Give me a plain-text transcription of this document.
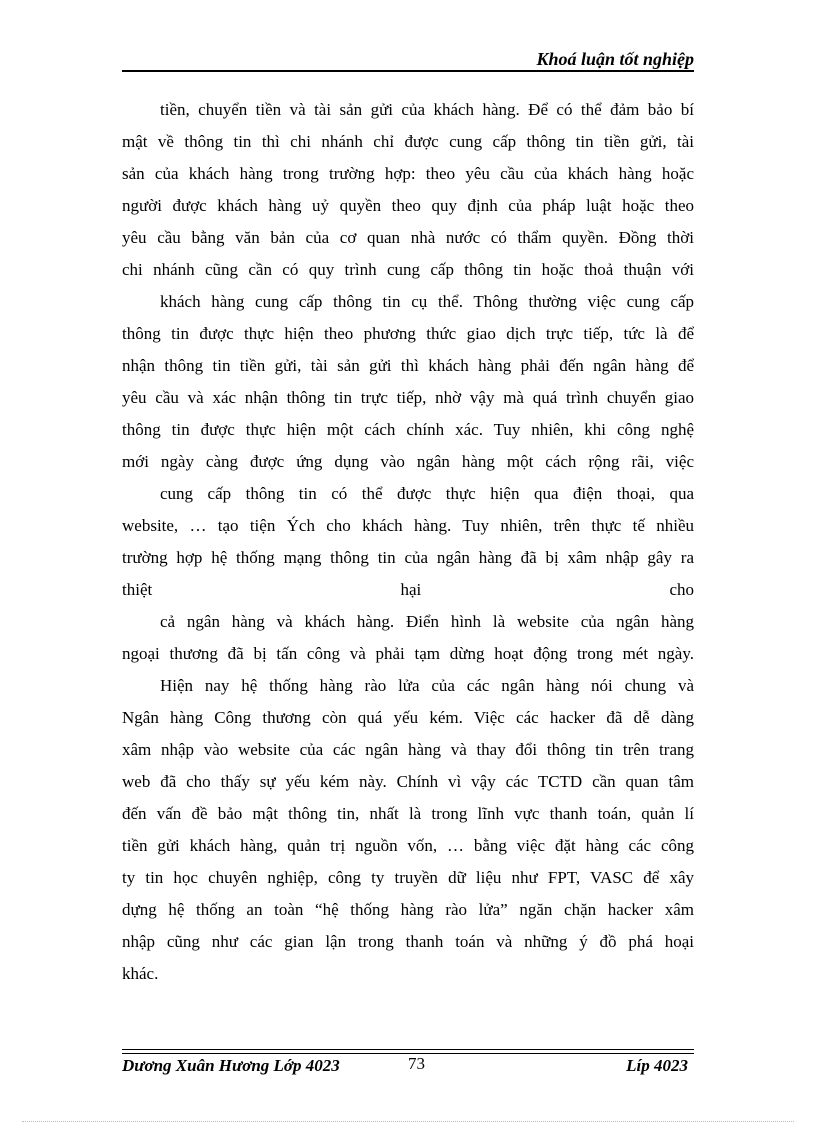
Khoá luận tốt nghiệp
tiền, chuyển tiền và tài sản gửi của khách hàng. Để có thể đảm bảo bí
mật về thông tin thì chi nhánh chỉ được cung cấp thông tin tiền gửi, tài
sản của khách hàng trong trường hợp: theo yêu cầu của khách hàng hoặc
người được khách hàng uỷ quyền theo quy định của pháp luật hoặc theo
yêu cầu bằng văn bản của cơ quan nhà nước có thẩm quyền. Đồng thời
chi nhánh cũng cần có quy trình cung cấp thông tin hoặc thoả thuận với
khách hàng cung cấp thông tin cụ thể. Thông thường việc cung cấp
thông tin được thực hiện theo phương thức giao dịch trực tiếp, tức là để
nhận thông tin tiền gửi, tài sản gửi thì khách hàng phải đến ngân hàng để
yêu cầu và xác nhận thông tin trực tiếp, nhờ vậy mà quá trình chuyển giao
thông tin được thực hiện một cách chính xác. Tuy nhiên, khi công nghệ
mới ngày càng được ứng dụng vào ngân hàng một cách rộng rãi, việc
cung cấp thông tin có thể được thực hiện qua điện thoại, qua
website, … tạo tiện Ých cho khách hàng. Tuy nhiên, trên thực tế nhiều
trường hợp hệ thống mạng thông tin của ngân hàng đã bị xâm nhập gây ra
thiệt hại cho
cả ngân hàng và khách hàng. Điển hình là website của ngân hàng
ngoại thương đã bị tấn công và phải tạm dừng hoạt động trong mét ngày.
Hiện nay hệ thống hàng rào lửa của các ngân hàng nói chung và
Ngân hàng Công thương còn quá yếu kém. Việc các hacker đã dễ dàng
xâm nhập vào website của các ngân hàng và thay đổi thông tin trên trang
web đã cho thấy sự yếu kém này. Chính vì vậy các TCTD cần quan tâm
đến vấn đề bảo mật thông tin, nhất là trong lĩnh vực thanh toán, quản lí
tiền gửi khách hàng, quản trị nguồn vốn, … bằng việc đặt hàng các công
ty tin học chuyên nghiệp, công ty truyền dữ liệu như FPT, VASC để xây
dựng hệ thống an toàn “hệ thống hàng rào lửa” ngăn chặn hacker xâm
nhập cũng như các gian lận trong thanh toán và những ý đồ phá hoại
khác.
Dương Xuân Hương Lớp 4023	73	Líp 4023
